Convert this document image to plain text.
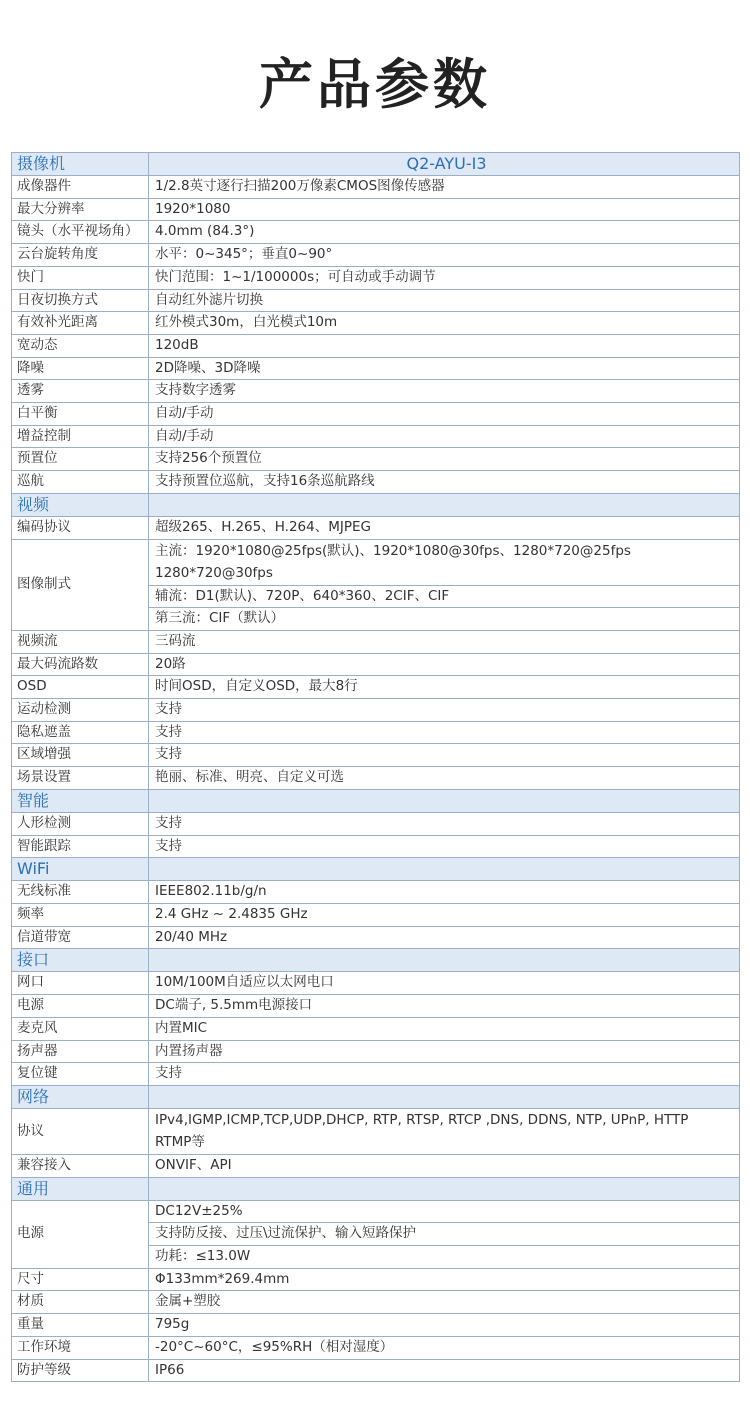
产品参数
摄像机	Q2-AYU-I3
成像器件	1/2.8英寸逐行扫描200万像素CMOS图像传感器
最大分辨率	1920*1080
镜头（水平视场角）	4.0mm (84.3°)
云台旋转角度	水平：0~345°；垂直0~90°
快门	快门范围：1~1/100000s；可自动或手动调节
日夜切换方式	自动红外滤片切换
有效补光距离	红外模式30m，白光模式10m
宽动态	120dB
降噪	2D降噪、3D降噪
透雾	支持数字透雾
白平衡	自动/手动
增益控制	自动/手动
预置位	支持256个预置位
巡航	支持预置位巡航，支持16条巡航路线
视频	
编码协议	超级265、H.265、H.264、MJPEG
图像制式	主流：1920*1080@25fps(默认)、1920*1080@30fps、1280*720@25fps
1280*720@30fps
	辅流：D1(默认)、720P、640*360、2CIF、CIF
	第三流：CIF（默认）
视频流	三码流
最大码流路数	20路
OSD	时间OSD，自定义OSD，最大8行
运动检测	支持
隐私遮盖	支持
区域增强	支持
场景设置	艳丽、标准、明亮、自定义可选
智能	
人形检测	支持
智能跟踪	支持
WiFi	
无线标准	IEEE802.11b/g/n
频率	2.4 GHz ~ 2.4835 GHz
信道带宽	20/40 MHz
接口	
网口	10M/100M自适应以太网电口
电源	DC端子, 5.5mm电源接口
麦克风	内置MIC
扬声器	内置扬声器
复位键	支持
网络	
协议	IPv4,IGMP,ICMP,TCP,UDP,DHCP, RTP, RTSP, RTCP ,DNS, DDNS, NTP, UPnP, HTTP
RTMP等
兼容接入	ONVIF、API
通用	
电源	DC12V±25%
	支持防反接、过压\过流保护、输入短路保护
	功耗：≤13.0W
尺寸	Φ133mm*269.4mm
材质	金属+塑胶
重量	795g
工作环境	-20°C~60°C，≤95%RH（相对湿度）
防护等级	IP66
